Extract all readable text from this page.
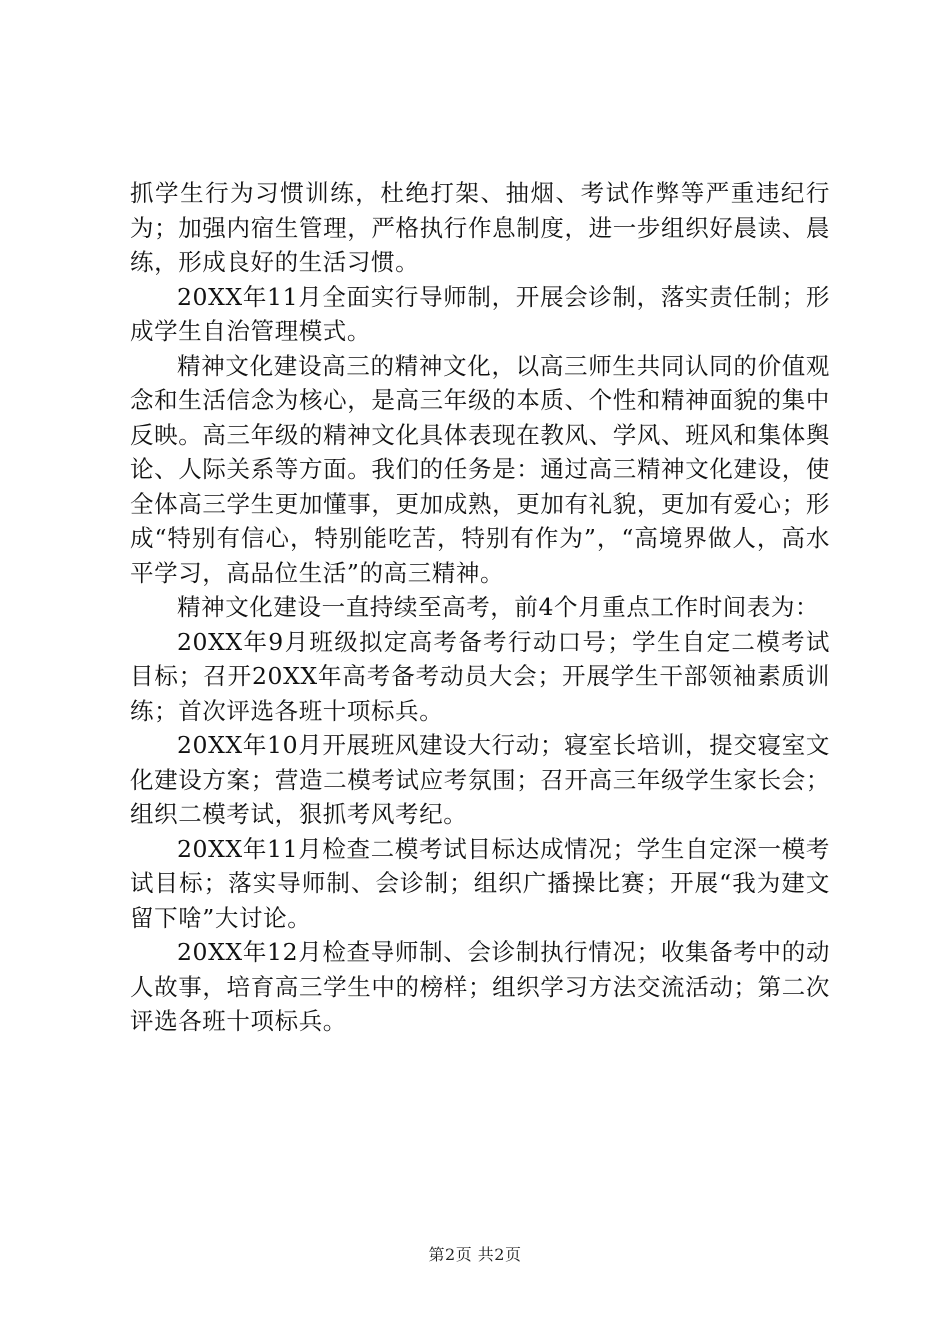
抓学生行为习惯训练，杜绝打架、抽烟、考试作弊等严重违纪行为；加强内宿生管理，严格执行作息制度，进一步组织好晨读、晨练，形成良好的生活习惯。

20XX年11月全面实行导师制，开展会诊制，落实责任制；形成学生自治管理模式。

精神文化建设高三的精神文化，以高三师生共同认同的价值观念和生活信念为核心，是高三年级的本质、个性和精神面貌的集中反映。高三年级的精神文化具体表现在教风、学风、班风和集体舆论、人际关系等方面。我们的任务是：通过高三精神文化建设，使全体高三学生更加懂事，更加成熟，更加有礼貌，更加有爱心；形成“特别有信心，特别能吃苦，特别有作为”，“高境界做人，高水平学习，高品位生活”的高三精神。

精神文化建设一直持续至高考，前4个月重点工作时间表为：

20XX年9月班级拟定高考备考行动口号；学生自定二模考试目标；召开20XX年高考备考动员大会；开展学生干部领袖素质训练；首次评选各班十项标兵。

20XX年10月开展班风建设大行动；寝室长培训，提交寝室文化建设方案；营造二模考试应考氛围；召开高三年级学生家长会；组织二模考试，狠抓考风考纪。

20XX年11月检查二模考试目标达成情况；学生自定深一模考试目标；落实导师制、会诊制；组织广播操比赛；开展“我为建文留下啥”大讨论。

20XX年12月检查导师制、会诊制执行情况；收集备考中的动人故事，培育高三学生中的榜样；组织学习方法交流活动；第二次评选各班十项标兵。

第2页 共2页
